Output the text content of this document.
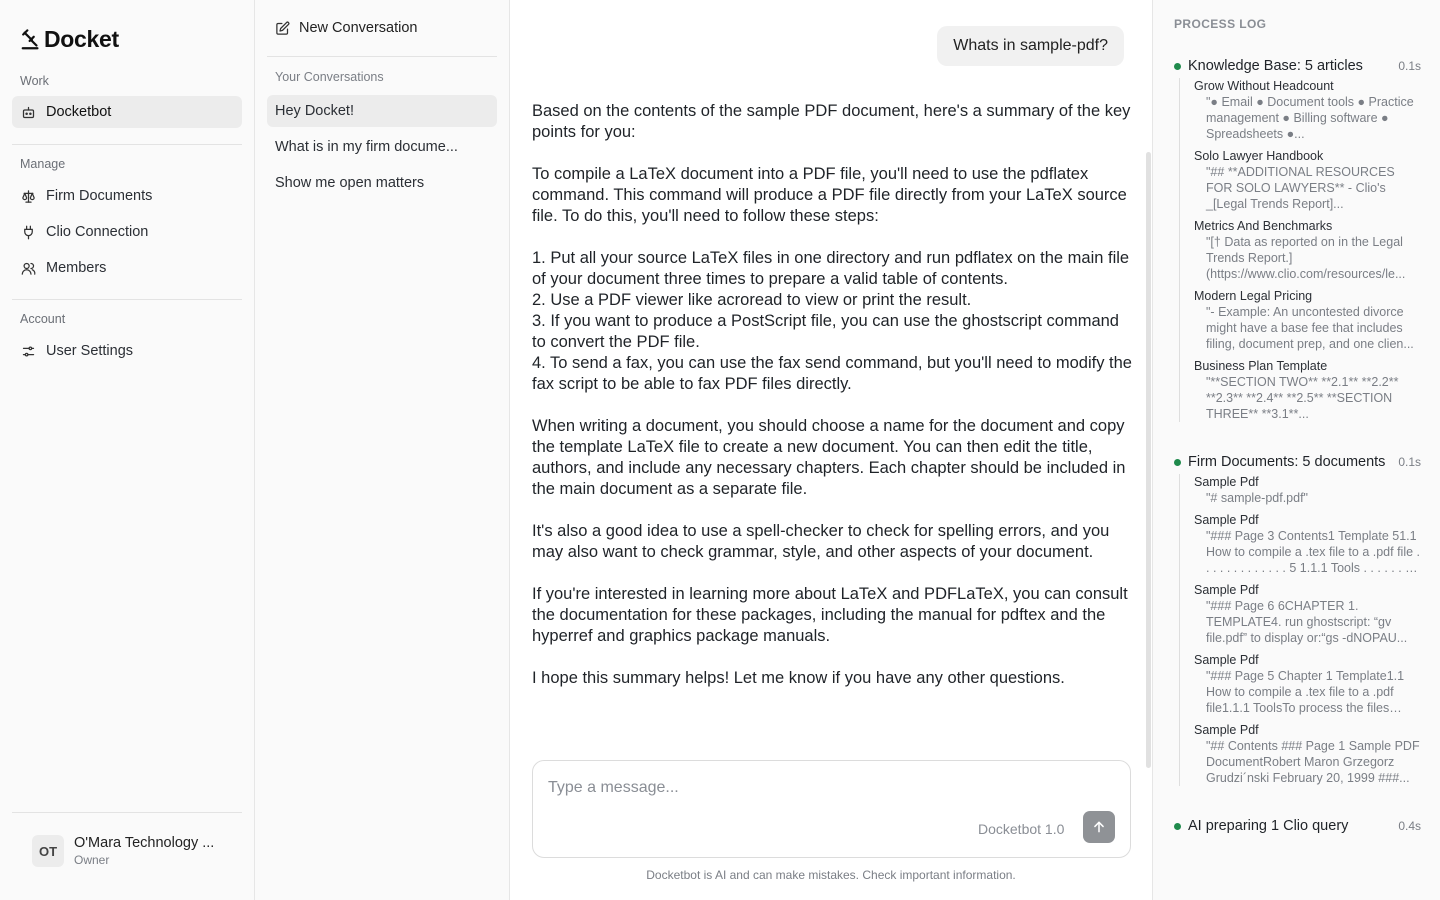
Docket
Work
Docketbot
Manage
Firm Documents
Clio Connection
Members
Account
User Settings
OT	O'Mara Technology ...
Owner
New Conversation
Your Conversations
Hey Docket!
What is in my firm docume...
Show me open matters
Whats in sample-pdf?

Based on the contents of the sample PDF document, here's a summary of the key points for you:

To compile a LaTeX document into a PDF file, you'll need to use the pdflatex command. This command will produce a PDF file directly from your LaTeX source file. To do this, you'll need to follow these steps:

1. Put all your source LaTeX files in one directory and run pdflatex on the main file of your document three times to prepare a valid table of contents.
2. Use a PDF viewer like acroread to view or print the result.
3. If you want to produce a PostScript file, you can use the ghostscript command to convert the PDF file.
4. To send a fax, you can use the fax send command, but you'll need to modify the fax script to be able to fax PDF files directly.

When writing a document, you should choose a name for the document and copy the template LaTeX file to create a new document. You can then edit the title, authors, and include any necessary chapters. Each chapter should be included in the main document as a separate file.

It's also a good idea to use a spell-checker to check for spelling errors, and you may also want to check grammar, style, and other aspects of your document.

If you're interested in learning more about LaTeX and PDFLaTeX, you can consult the documentation for these packages, including the manual for pdftex and the hyperref and graphics package manuals.

I hope this summary helps! Let me know if you have any other questions.

Type a message...
Docketbot 1.0
Docketbot is AI and can make mistakes. Check important information.
PROCESS LOG
Knowledge Base: 5 articles	0.1s
Grow Without Headcount
"● Email ● Document tools ● Practice management ● Billing software ● Spreadsheets ●...
Solo Lawyer Handbook
"## **ADDITIONAL RESOURCES FOR SOLO LAWYERS** - Clio's _[Legal Trends Report]...
Metrics And Benchmarks
"[† Data as reported on in the Legal Trends Report.](https://www.clio.com/resources/le...
Modern Legal Pricing
"- Example: An uncontested divorce might have a base fee that includes filing, document prep, and one clien...
Business Plan Template
"**SECTION TWO** **2.1** **2.2** **2.3** **2.4** **2.5** **SECTION THREE** **3.1**...
Firm Documents: 5 documents	0.1s
Sample Pdf
"# sample-pdf.pdf"
Sample Pdf
"### Page 3 Contents1 Template 51.1 How to compile a .tex file to a .pdf file . . . . . . . . . . . . . 5 1.1.1 Tools . . . . . . . .
Sample Pdf
"### Page 6 6CHAPTER 1. TEMPLATE4. run ghostscript: “gv file.pdf” to display or:“gs -dNOPAU...
Sample Pdf
"### Page 5 Chapter 1 Template1.1 How to compile a .tex file to a .pdf file1.1.1 ToolsTo process the files
Sample Pdf
"## Contents ### Page 1 Sample PDF DocumentRobert Maron Grzegorz Grudzi´nski February 20, 1999 ###...
AI preparing 1 Clio query	0.4s
